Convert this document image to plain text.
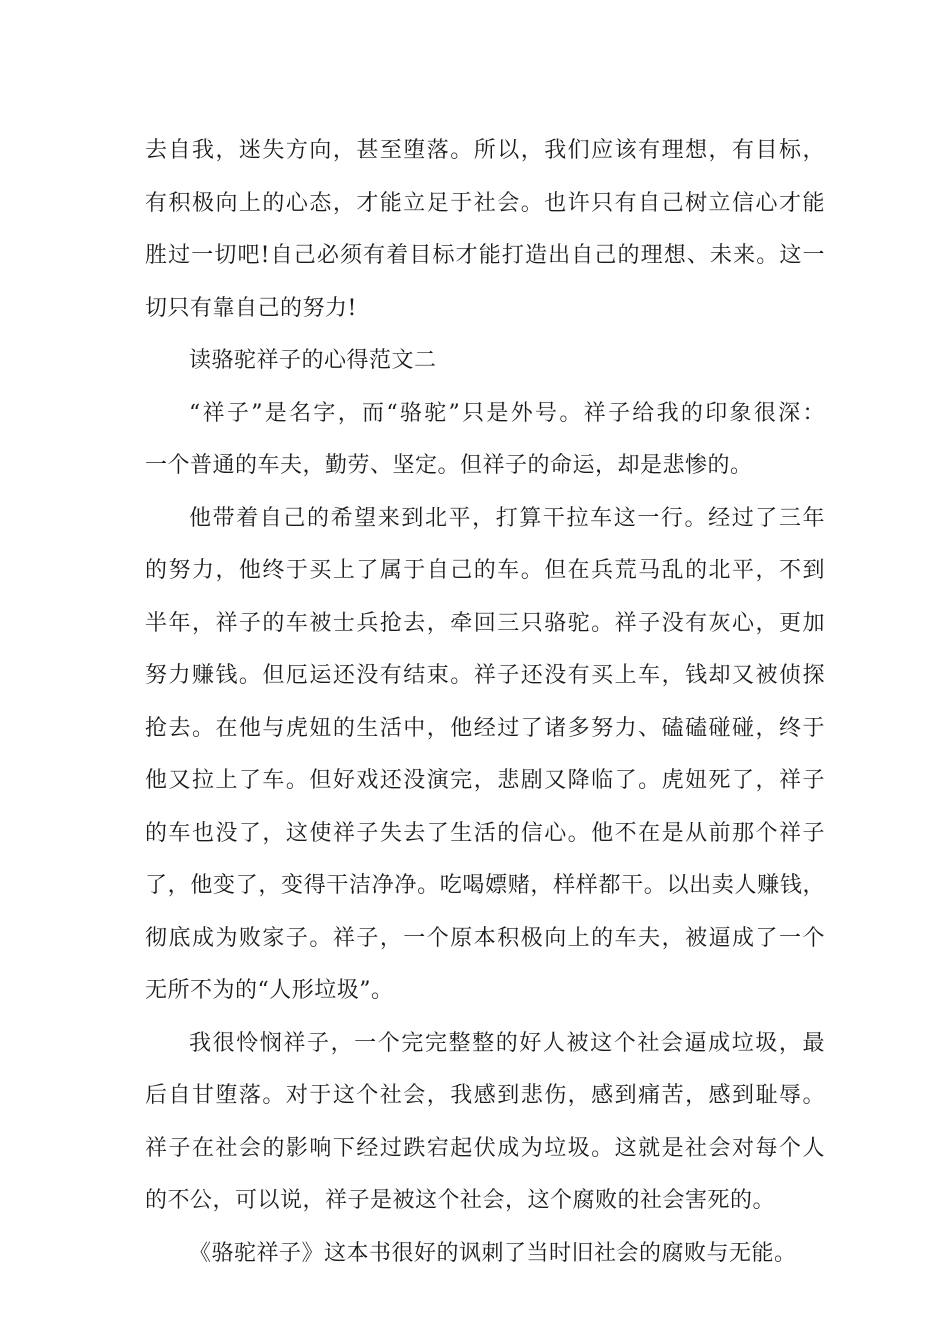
去自我，迷失方向，甚至堕落。所以，我们应该有理想，有目标，
有积极向上的心态，才能立足于社会。也许只有自己树立信心才能
胜过一切吧!自己必须有着目标才能打造出自己的理想、未来。这一
切只有靠自己的努力!
读骆驼祥子的心得范文二
“祥子”是名字，而“骆驼”只是外号。祥子给我的印象很深：
一个普通的车夫，勤劳、坚定。但祥子的命运，却是悲惨的。
他带着自己的希望来到北平，打算干拉车这一行。经过了三年
的努力，他终于买上了属于自己的车。但在兵荒马乱的北平，不到
半年，祥子的车被士兵抢去，牵回三只骆驼。祥子没有灰心，更加
努力赚钱。但厄运还没有结束。祥子还没有买上车，钱却又被侦探
抢去。在他与虎妞的生活中，他经过了诸多努力、磕磕碰碰，终于
他又拉上了车。但好戏还没演完，悲剧又降临了。虎妞死了，祥子
的车也没了，这使祥子失去了生活的信心。他不在是从前那个祥子
了，他变了，变得干洁净净。吃喝嫖赌，样样都干。以出卖人赚钱，
彻底成为败家子。祥子，一个原本积极向上的车夫，被逼成了一个
无所不为的“人形垃圾”。
我很怜悯祥子，一个完完整整的好人被这个社会逼成垃圾，最
后自甘堕落。对于这个社会，我感到悲伤，感到痛苦，感到耻辱。
祥子在社会的影响下经过跌宕起伏成为垃圾。这就是社会对每个人
的不公，可以说，祥子是被这个社会，这个腐败的社会害死的。
《骆驼祥子》这本书很好的讽刺了当时旧社会的腐败与无能。
